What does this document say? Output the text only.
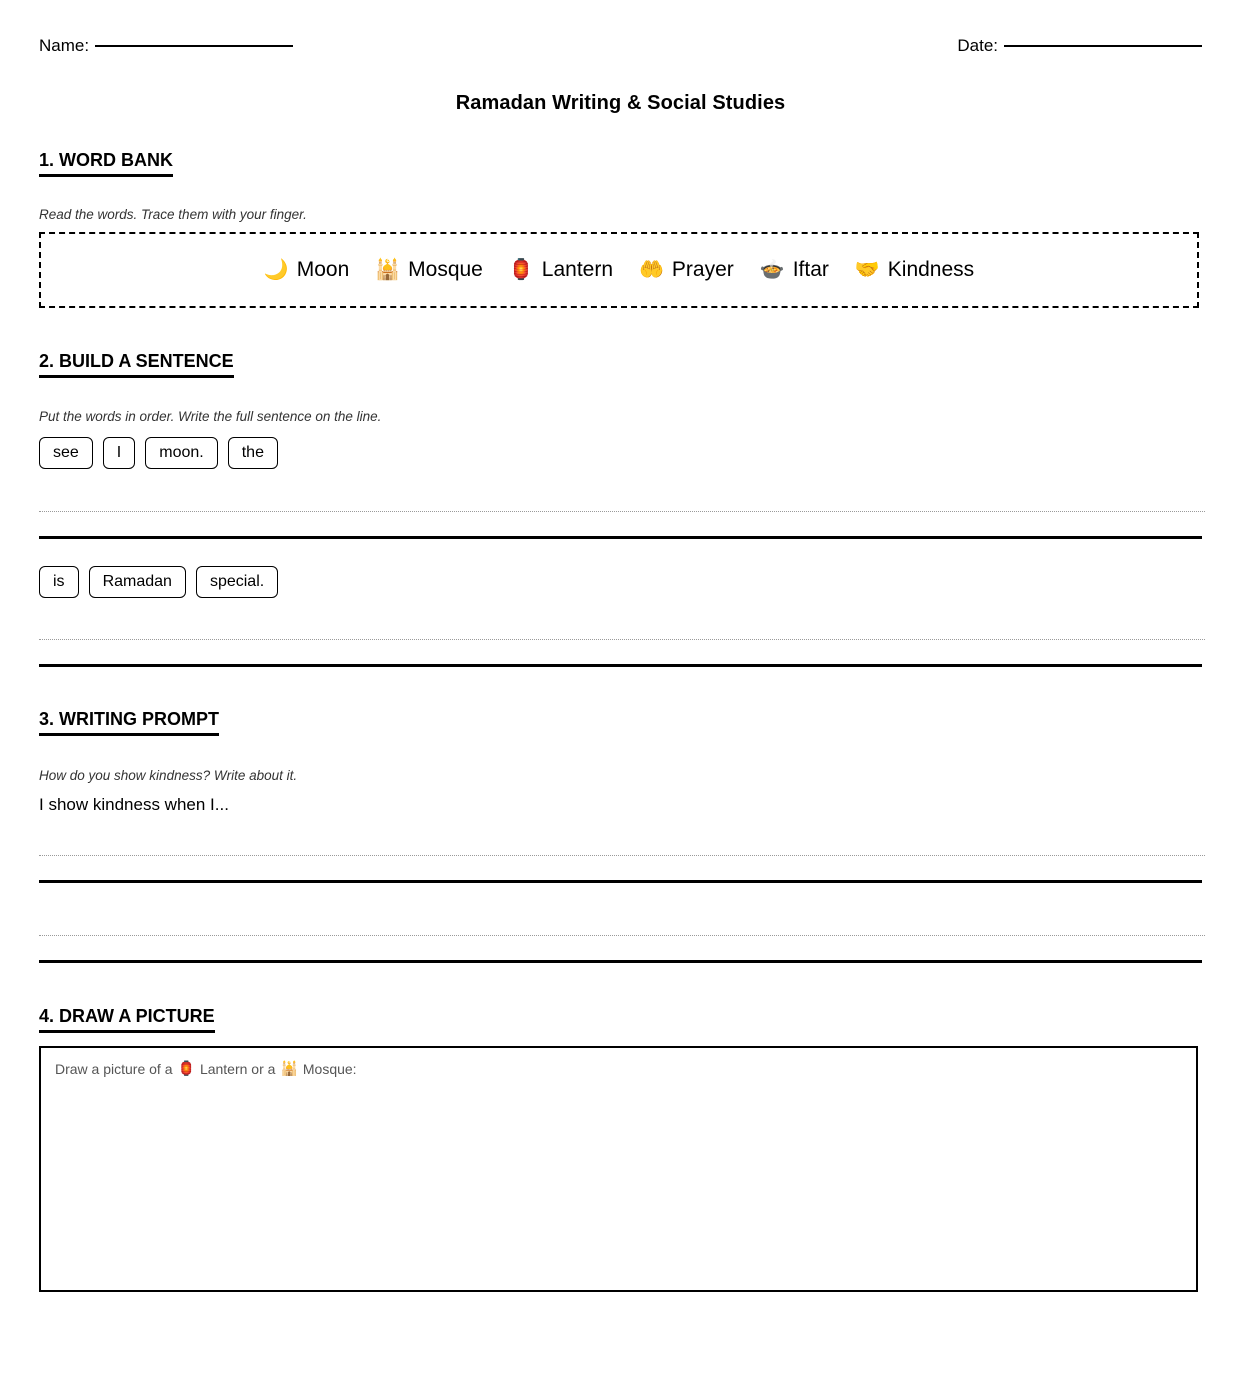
Name:	Date:
Ramadan Writing & Social Studies
1. WORD BANK
Read the words. Trace them with your finger.
🌙 Moon 🕌 Mosque 🏮 Lantern 🤲 Prayer 🍲 Iftar 🤝 Kindness
2. BUILD A SENTENCE
Put the words in order. Write the full sentence on the line.
see	I	moon.	the
is	Ramadan	special.
3. WRITING PROMPT
How do you show kindness? Write about it.
I show kindness when I...
4. DRAW A PICTURE
Draw a picture of a 🏮 Lantern or a 🕌 Mosque:
